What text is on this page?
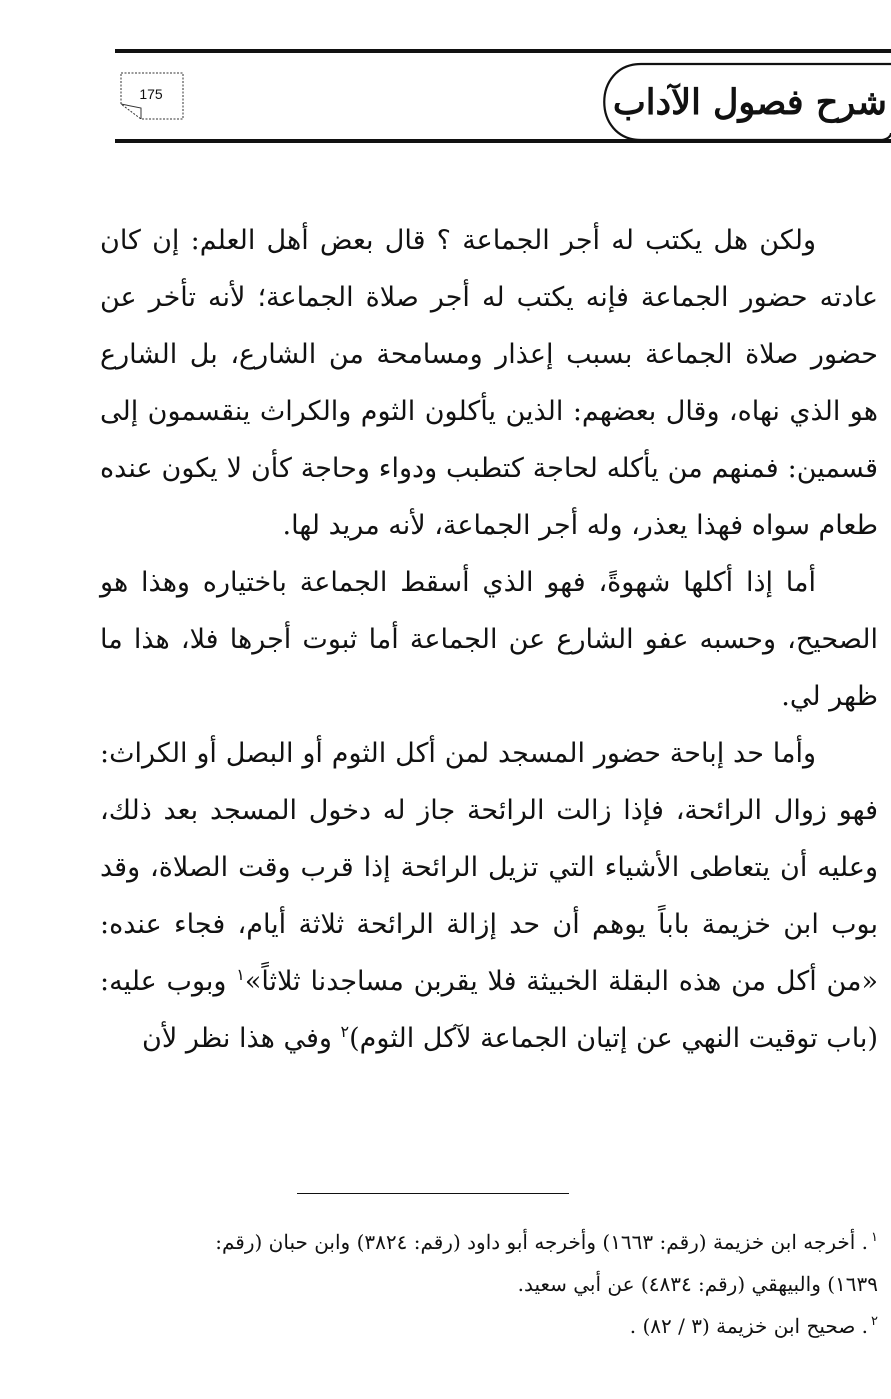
شرح فصول الآداب
175

ولكن هل يكتب له أجر الجماعة ؟ قال بعض أهل العلم: إن كان عادته حضور الجماعة فإنه يكتب له أجر صلاة الجماعة؛ لأنه تأخر عن حضور صلاة الجماعة بسبب إعذار ومسامحة من الشارع، بل الشارع هو الذي نهاه، وقال بعضهم: الذين يأكلون الثوم والكراث ينقسمون إلى قسمين: فمنهم من يأكله لحاجة كتطبب ودواء وحاجة كأن لا يكون عنده طعام سواه فهذا يعذر، وله أجر الجماعة، لأنه مريد لها.

أما إذا أكلها شهوةً، فهو الذي أسقط الجماعة باختياره وهذا هو الصحيح، وحسبه عفو الشارع عن الجماعة أما ثبوت أجرها فلا، هذا ما ظهر لي.

وأما حد إباحة حضور المسجد لمن أكل الثوم أو البصل أو الكراث: فهو زوال الرائحة، فإذا زالت الرائحة جاز له دخول المسجد بعد ذلك، وعليه أن يتعاطى الأشياء التي تزيل الرائحة إذا قرب وقت الصلاة، وقد بوب ابن خزيمة باباً يوهم أن حد إزالة الرائحة ثلاثة أيام، فجاء عنده: «من أكل من هذه البقلة الخبيثة فلا يقربن مساجدنا ثلاثاً»$^١$ وبوب عليه: (باب توقيت النهي عن إتيان الجماعة لآكل الثوم)$^٢$ وفي هذا نظر لأن

$^١$. أخرجه ابن خزيمة (رقم: ١٦٦٣) وأخرجه أبو داود (رقم: ٣٨٢٤) وابن حبان (رقم:

١٦٣٩) والبيهقي (رقم: ٤٨٣٤) عن أبي سعيد.

$^٢$. صحيح ابن خزيمة (٣ / ٨٢) .
